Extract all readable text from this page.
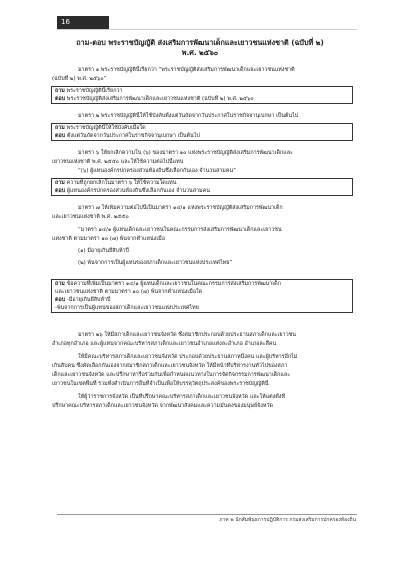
16
ถาม-ตอบ พระราชบัญญัติ ส่งเสริมการพัฒนาเด็กและเยาวชนแห่งชาติ (ฉบับที่ ๒)
พ.ศ. ๒๕๖๐
มาตรา ๑ พระราชบัญญัตินี้เรียกว่า “พระราชบัญญัติส่งเสริมการพัฒนาเด็กและเยาวชนแห่งชาติ
(ฉบับที่ ๒) พ.ศ. ๒๕๖๐”
ถาม พระราชบัญญัตินี้เรียกว่า
ตอบ พระราชบัญญัติส่งเสริมการพัฒนาเด็กและเยาวชนแห่งชาติ (ฉบับที่ ๒) พ.ศ. ๒๕๖๐
มาตรา ๒ พระราชบัญญัตินี้ให้ใช้บังคับตั้งแต่วันถัดจากวันประกาศในราชกิจจานุเบกษา เป็นต้นไป
ถาม พระราชบัญญัตินี้ให้ใช้บังคับเมื่อใด
ตอบ ตั้งแต่วันถัดจากวันประกาศในราชกิจจานุเบกษา เป็นต้นไป
มาตรา ๖ ให้ยกเลิกความใน (๖) ของมาตรา ๑๐ แห่งพระราชบัญญัติส่งเสริมการพัฒนาเด็กและ
เยาวชนแห่งชาติ พ.ศ. ๒๕๕๐ และให้ใช้ความต่อไปนี้แทน
“(๖) ผู้แทนองค์กรปกครองส่วนท้องถิ่นซึ่งเลือกกันเอง จำนวนสามคน”
ถาม ความที่ถูกยกเลิกในมาตรา ๖ ให้ใช้ความใดแทน
ตอบ ผู้แทนองค์กรปกครองส่วนท้องถิ่นซึ่งเลือกกันเอง จำนวนสามคน
มาตรา ๗ ให้เพิ่มความต่อไปนี้เป็นมาตรา ๑๔/๑ แห่งพระราชบัญญัติส่งเสริมการพัฒนาเด็ก
และเยาวชนแห่งชาติ พ.ศ. ๒๕๕๐
“มาตรา ๑๔/๑ ผู้แทนเด็กและเยาวชนในคณะกรรมการส่งเสริมการพัฒนาเด็กและเยาวชน
แห่งชาติ ตามมาตรา ๑๐ (๗) พ้นจากตำแหน่งเมื่อ
(๑) มีอายุเกินยี่สิบห้าปี
(๒) พ้นจากการเป็นผู้แทนของสภาเด็กและเยาวชนแห่งประเทศไทย”
ถาม ข้อความที่เพิ่มเป็นมาตรา ๑๔/๑ ผู้แทนเด็กและเยาวชนในคณะกรรมการส่งเสริมการพัฒนาเด็ก
และเยาวชนแห่งชาติ ตามมาตรา ๑๐ (๗) พ้นจากตำแหน่งเมื่อใด
ตอบ -มีอายุเกินยี่สิบห้าปี
-พ้นจากการเป็นผู้แทนของสภาเด็กและเยาวชนแห่งประเทศไทย
มาตรา ๒๖ ให้มีสภาเด็กและเยาวชนจังหวัด ซึ่งสมาชิกประกอบด้วยประธานสภาเด็กและเยาวชน
อำเภอทุกอำเภอ และผู้แทนจากคณะบริหารสภาเด็กและเยาวชนอำเภอแห่งละอำเภอ อำเภอละสี่คน
ให้มีคณะบริหารสภาเด็กและเยาวชนจังหวัด ประกอบด้วยประธานสภาหนึ่งคน และผู้บริหารอีกไม่
เกินสิบคน ซึ่งคัดเลือกกันเองจากสมาชิกสภาเด็กและเยาวชนจังหวัด ให้มีหน้าที่บริหารงานทั่วไปของสภา
เด็กและเยาวชนจังหวัด และปรึกษาหารือร่วมกันเพื่อกำหนดแนวทางในการจัดกิจกรรมการพัฒนาเด็กและ
เยาวชนในเขตพื้นที่ รวมทั้งดำเนินการอื่นที่จำเป็นเพื่อให้บรรลุวัตถุประสงค์ของพระราชบัญญัตินี้
ให้ผู้ว่าราชการจังหวัด เป็นที่ปรึกษาคณะบริหารสภาเด็กและเยาวชนจังหวัด และให้แต่งตั้งที่
ปรึกษาคณะบริหารสภาเด็กและเยาวชนจังหวัด จากพัฒนาสังคมและความมั่นคงของมนุษย์จังหวัด
ภาค ๒ นักสัมพันธการปฏิบัติการ กรมส่งเสริมการปกครองท้องถิ่น
